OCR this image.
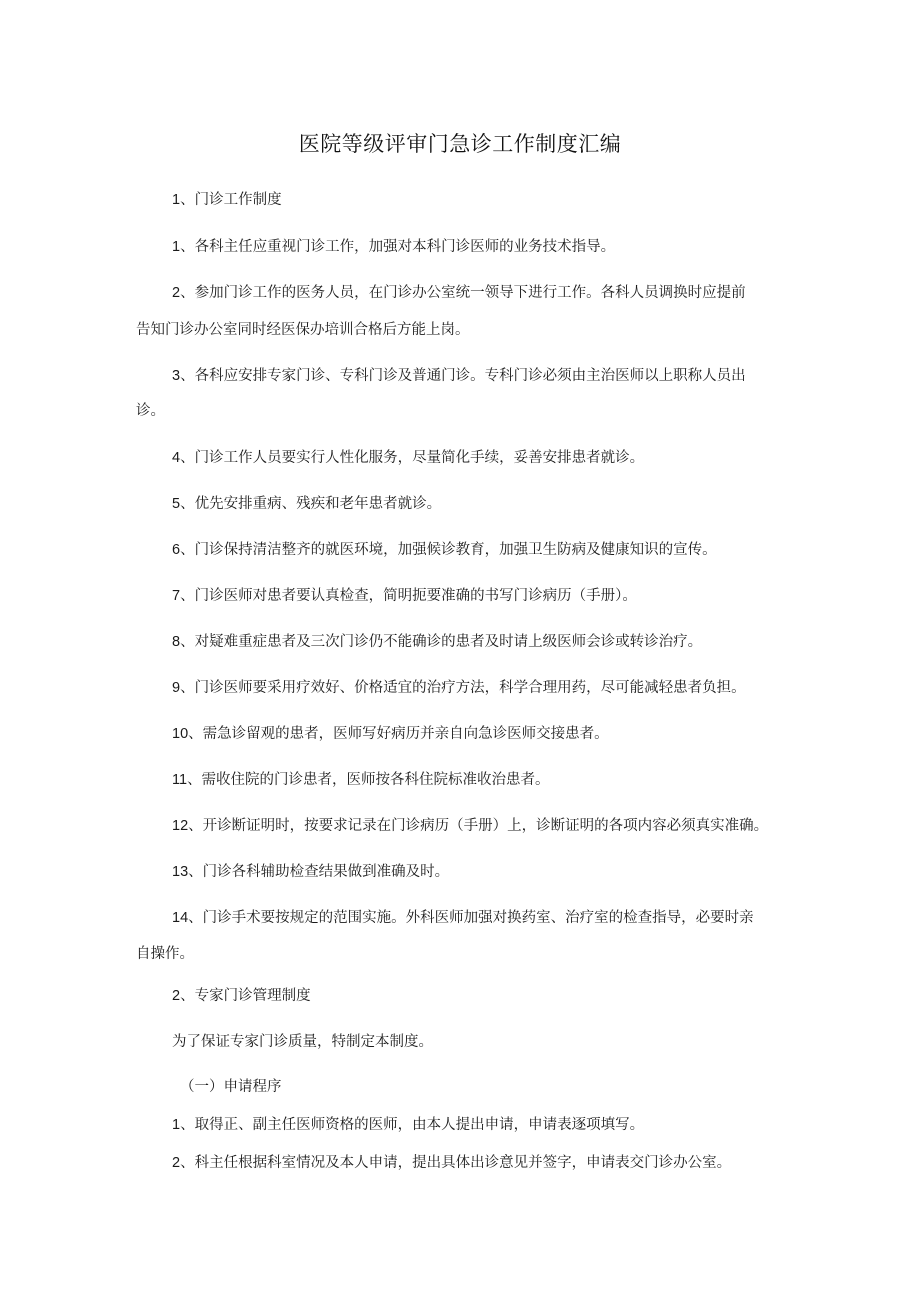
医院等级评审门急诊工作制度汇编
1、门诊工作制度
1、各科主任应重视门诊工作，加强对本科门诊医师的业务技术指导。
2、参加门诊工作的医务人员，在门诊办公室统一领导下进行工作。各科人员调换时应提前
告知门诊办公室同时经医保办培训合格后方能上岗。
3、各科应安排专家门诊、专科门诊及普通门诊。专科门诊必须由主治医师以上职称人员出
诊。
4、门诊工作人员要实行人性化服务，尽量简化手续，妥善安排患者就诊。
5、优先安排重病、残疾和老年患者就诊。
6、门诊保持清洁整齐的就医环境，加强候诊教育，加强卫生防病及健康知识的宣传。
7、门诊医师对患者要认真检查，简明扼要准确的书写门诊病历（手册）。
8、对疑难重症患者及三次门诊仍不能确诊的患者及时请上级医师会诊或转诊治疗。
9、门诊医师要采用疗效好、价格适宜的治疗方法，科学合理用药，尽可能减轻患者负担。
10、需急诊留观的患者，医师写好病历并亲自向急诊医师交接患者。
11、需收住院的门诊患者，医师按各科住院标准收治患者。
12、开诊断证明时，按要求记录在门诊病历（手册）上，诊断证明的各项内容必须真实准确。
13、门诊各科辅助检查结果做到准确及时。
14、门诊手术要按规定的范围实施。外科医师加强对换药室、治疗室的检查指导，必要时亲
自操作。
2、专家门诊管理制度
为了保证专家门诊质量，特制定本制度。
（一）申请程序
1、取得正、副主任医师资格的医师，由本人提出申请，申请表逐项填写。
2、科主任根据科室情况及本人申请，提出具体出诊意见并签字，申请表交门诊办公室。
